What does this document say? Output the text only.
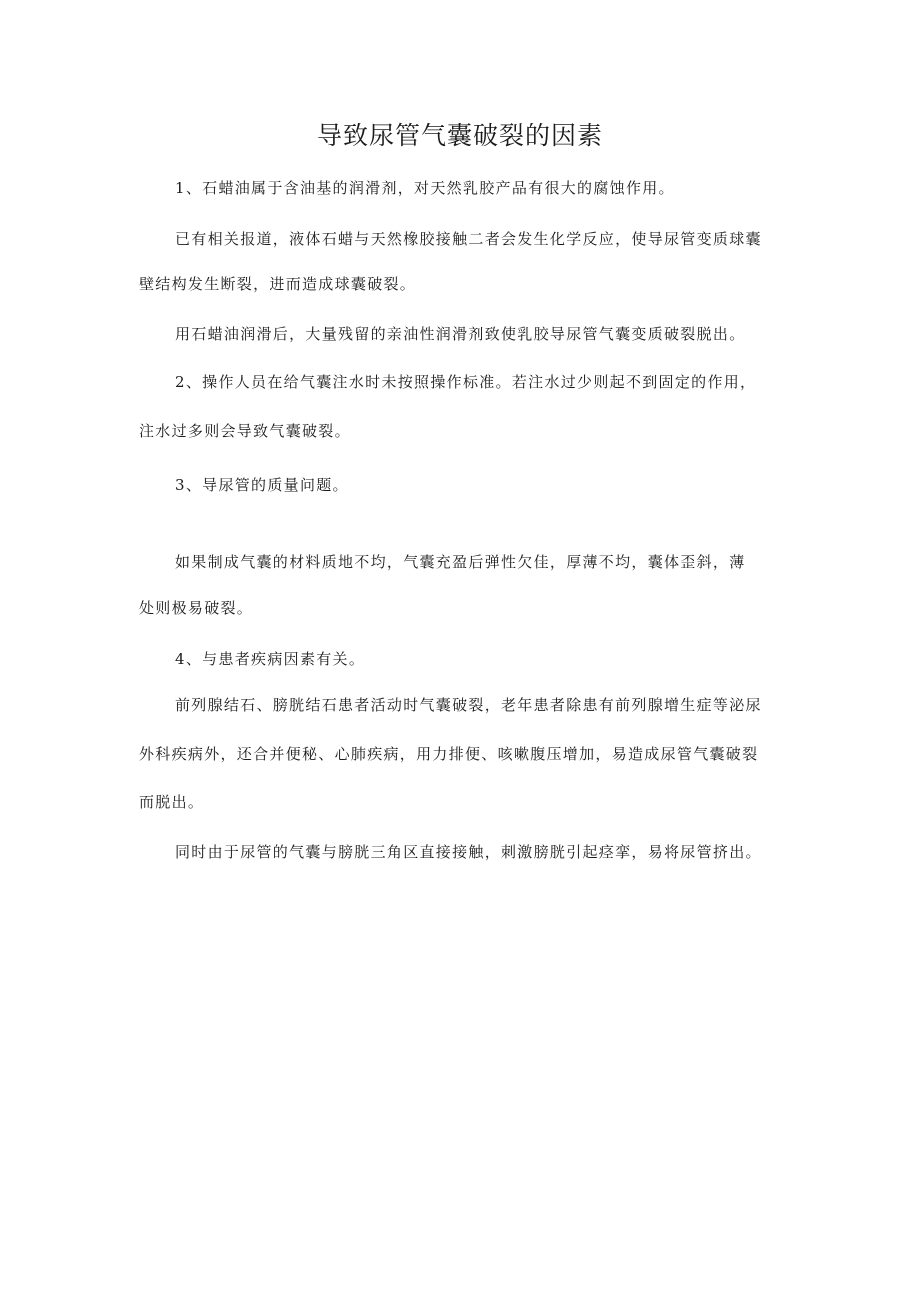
导致尿管气囊破裂的因素

1、石蜡油属于含油基的润滑剂，对天然乳胶产品有很大的腐蚀作用。

已有相关报道，液体石蜡与天然橡胶接触二者会发生化学反应，使导尿管变质球囊

壁结构发生断裂，进而造成球囊破裂。

用石蜡油润滑后，大量残留的亲油性润滑剂致使乳胶导尿管气囊变质破裂脱出。

2、操作人员在给气囊注水时未按照操作标准。若注水过少则起不到固定的作用，

注水过多则会导致气囊破裂。

3、导尿管的质量问题。

如果制成气囊的材料质地不均，气囊充盈后弹性欠佳，厚薄不均，囊体歪斜，薄

处则极易破裂。

4、与患者疾病因素有关。

前列腺结石、膀胱结石患者活动时气囊破裂，老年患者除患有前列腺增生症等泌尿

外科疾病外，还合并便秘、心肺疾病，用力排便、咳嗽腹压增加，易造成尿管气囊破裂

而脱出。

同时由于尿管的气囊与膀胱三角区直接接触，刺激膀胱引起痉挛，易将尿管挤出。
